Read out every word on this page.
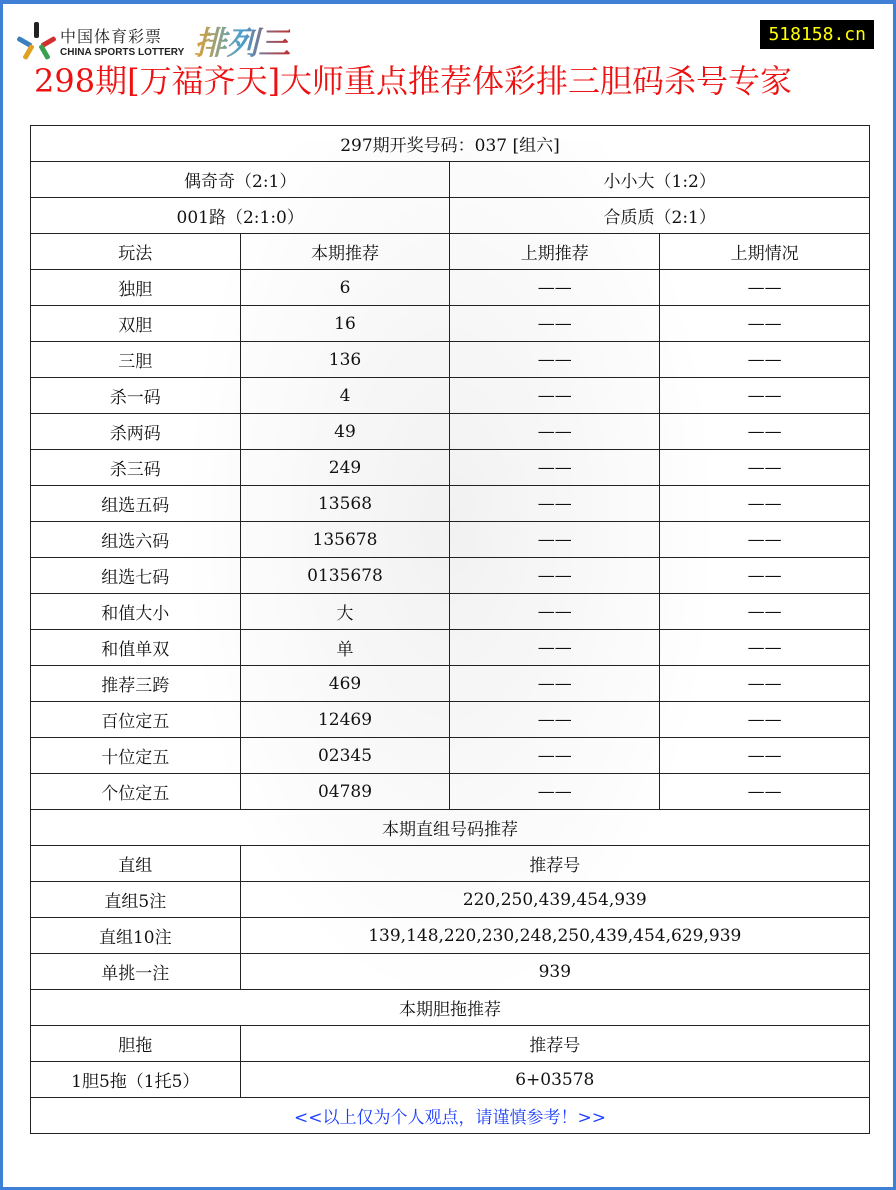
中国体育彩票
CHINA SPORTS LOTTERY 排列三	518158.cn
298期[万福齐天]大师重点推荐体彩排三胆码杀号专家
297期开奖号码：037 [组六]			
偶奇奇（2:1）		小小大（1:2）	
001路（2:1:0）		合质质（2:1）	
玩法	本期推荐	上期推荐	上期情况
独胆	6	——	——
双胆	16	——	——
三胆	136	——	——
杀一码	4	——	——
杀两码	49	——	——
杀三码	249	——	——
组选五码	13568	——	——
组选六码	135678	——	——
组选七码	0135678	——	——
和值大小	大	——	——
和值单双	单	——	——
推荐三跨	469	——	——
百位定五	12469	——	——
十位定五	02345	——	——
个位定五	04789	——	——
本期直组号码推荐			
直组	推荐号		
直组5注	220,250,439,454,939		
直组10注	139,148,220,230,248,250,439,454,629,939		
单挑一注	939		
本期胆拖推荐			
胆拖	推荐号		
1胆5拖（1托5）	6+03578		
<<以上仅为个人观点，请谨慎参考！>>			
